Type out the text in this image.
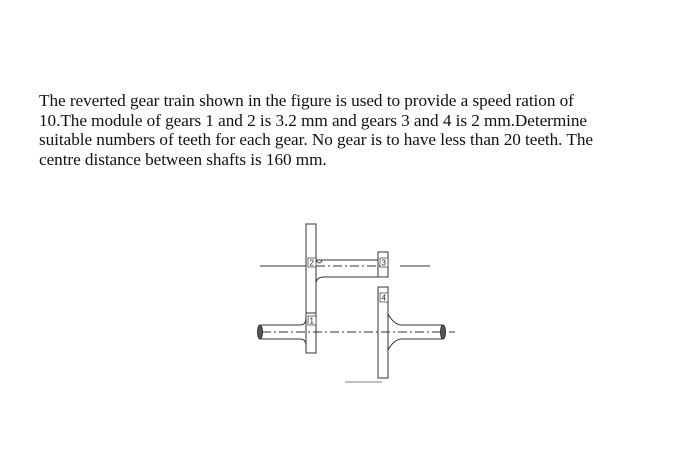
The reverted gear train shown in the figure is used to provide a speed ration of
10.The module of gears 1 and 2 is 3.2 mm and gears 3 and 4 is 2 mm.Determine
suitable numbers of teeth for each gear. No gear is to have less than 20 teeth. The
centre distance between shafts is 160 mm.

2	3
1
4
